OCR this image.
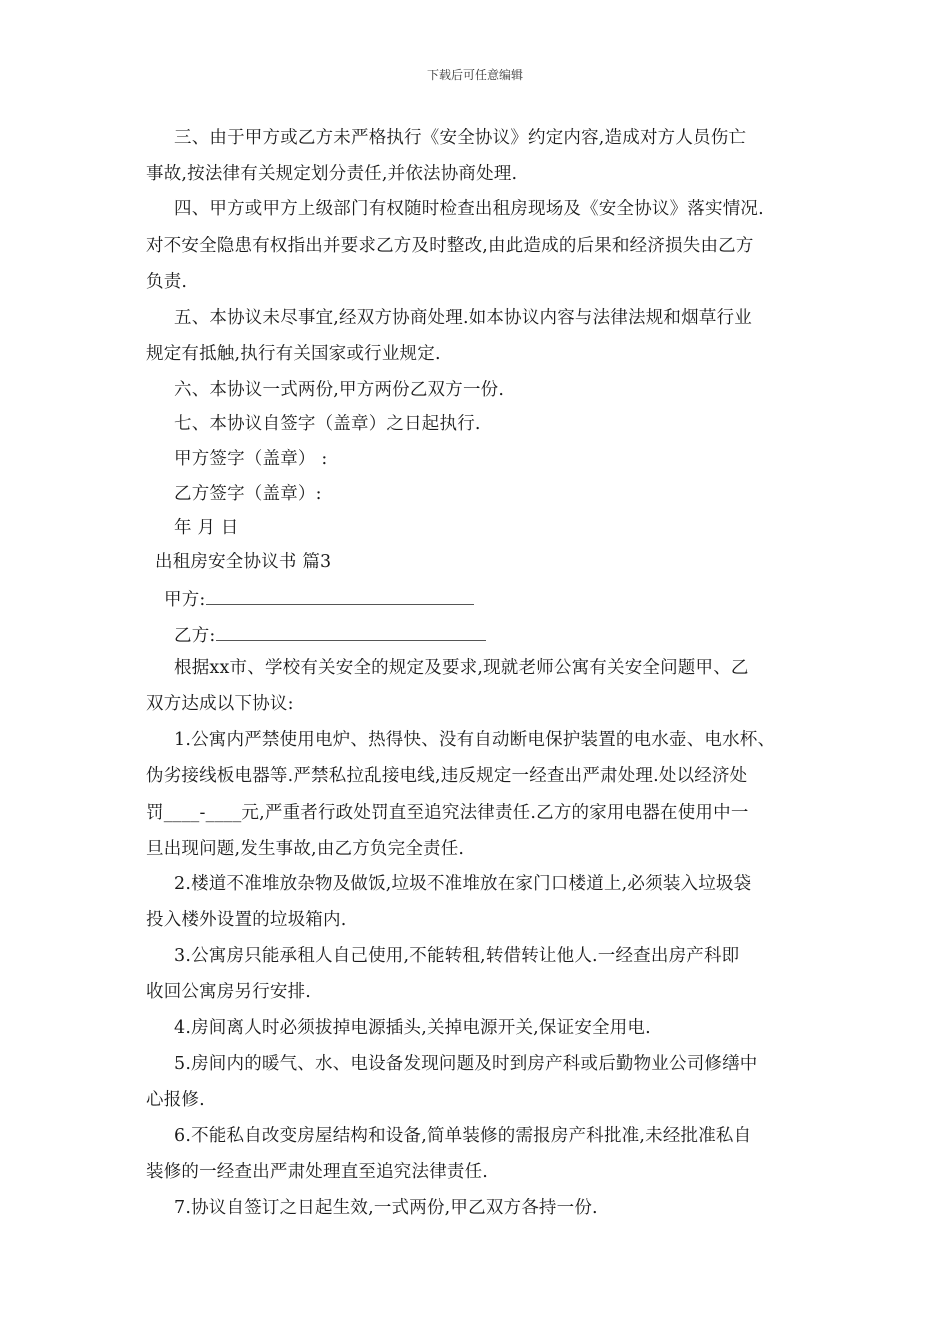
下载后可任意编辑
三、由于甲方或乙方未严格执行《安全协议》约定内容,造成对方人员伤亡
事故,按法律有关规定划分责任,并依法协商处理.
四、甲方或甲方上级部门有权随时检查出租房现场及《安全协议》落实情况.
对不安全隐患有权指出并要求乙方及时整改,由此造成的后果和经济损失由乙方
负责.
五、本协议未尽事宜,经双方协商处理.如本协议内容与法律法规和烟草行业
规定有抵触,执行有关国家或行业规定.
六、本协议一式两份,甲方两份乙双方一份.
七、本协议自签字（盖章）之日起执行.
甲方签字（盖章） :
乙方签字（盖章）:
年 月 日
出租房安全协议书 篇3
甲方:
乙方:
根据xx市、学校有关安全的规定及要求,现就老师公寓有关安全问题甲、乙
双方达成以下协议:
1.公寓内严禁使用电炉、热得快、没有自动断电保护装置的电水壶、电水杯、
伪劣接线板电器等.严禁私拉乱接电线,违反规定一经查出严肃处理.处以经济处
罚____-____元,严重者行政处罚直至追究法律责任.乙方的家用电器在使用中一
旦出现问题,发生事故,由乙方负完全责任.
2.楼道不准堆放杂物及做饭,垃圾不准堆放在家门口楼道上,必须装入垃圾袋
投入楼外设置的垃圾箱内.
3.公寓房只能承租人自己使用,不能转租,转借转让他人.一经查出房产科即
收回公寓房另行安排.
4.房间离人时必须拔掉电源插头,关掉电源开关,保证安全用电.
5.房间内的暖气、水、电设备发现问题及时到房产科或后勤物业公司修缮中
心报修.
6.不能私自改变房屋结构和设备,简单装修的需报房产科批准,未经批准私自
装修的一经查出严肃处理直至追究法律责任.
7.协议自签订之日起生效,一式两份,甲乙双方各持一份.
